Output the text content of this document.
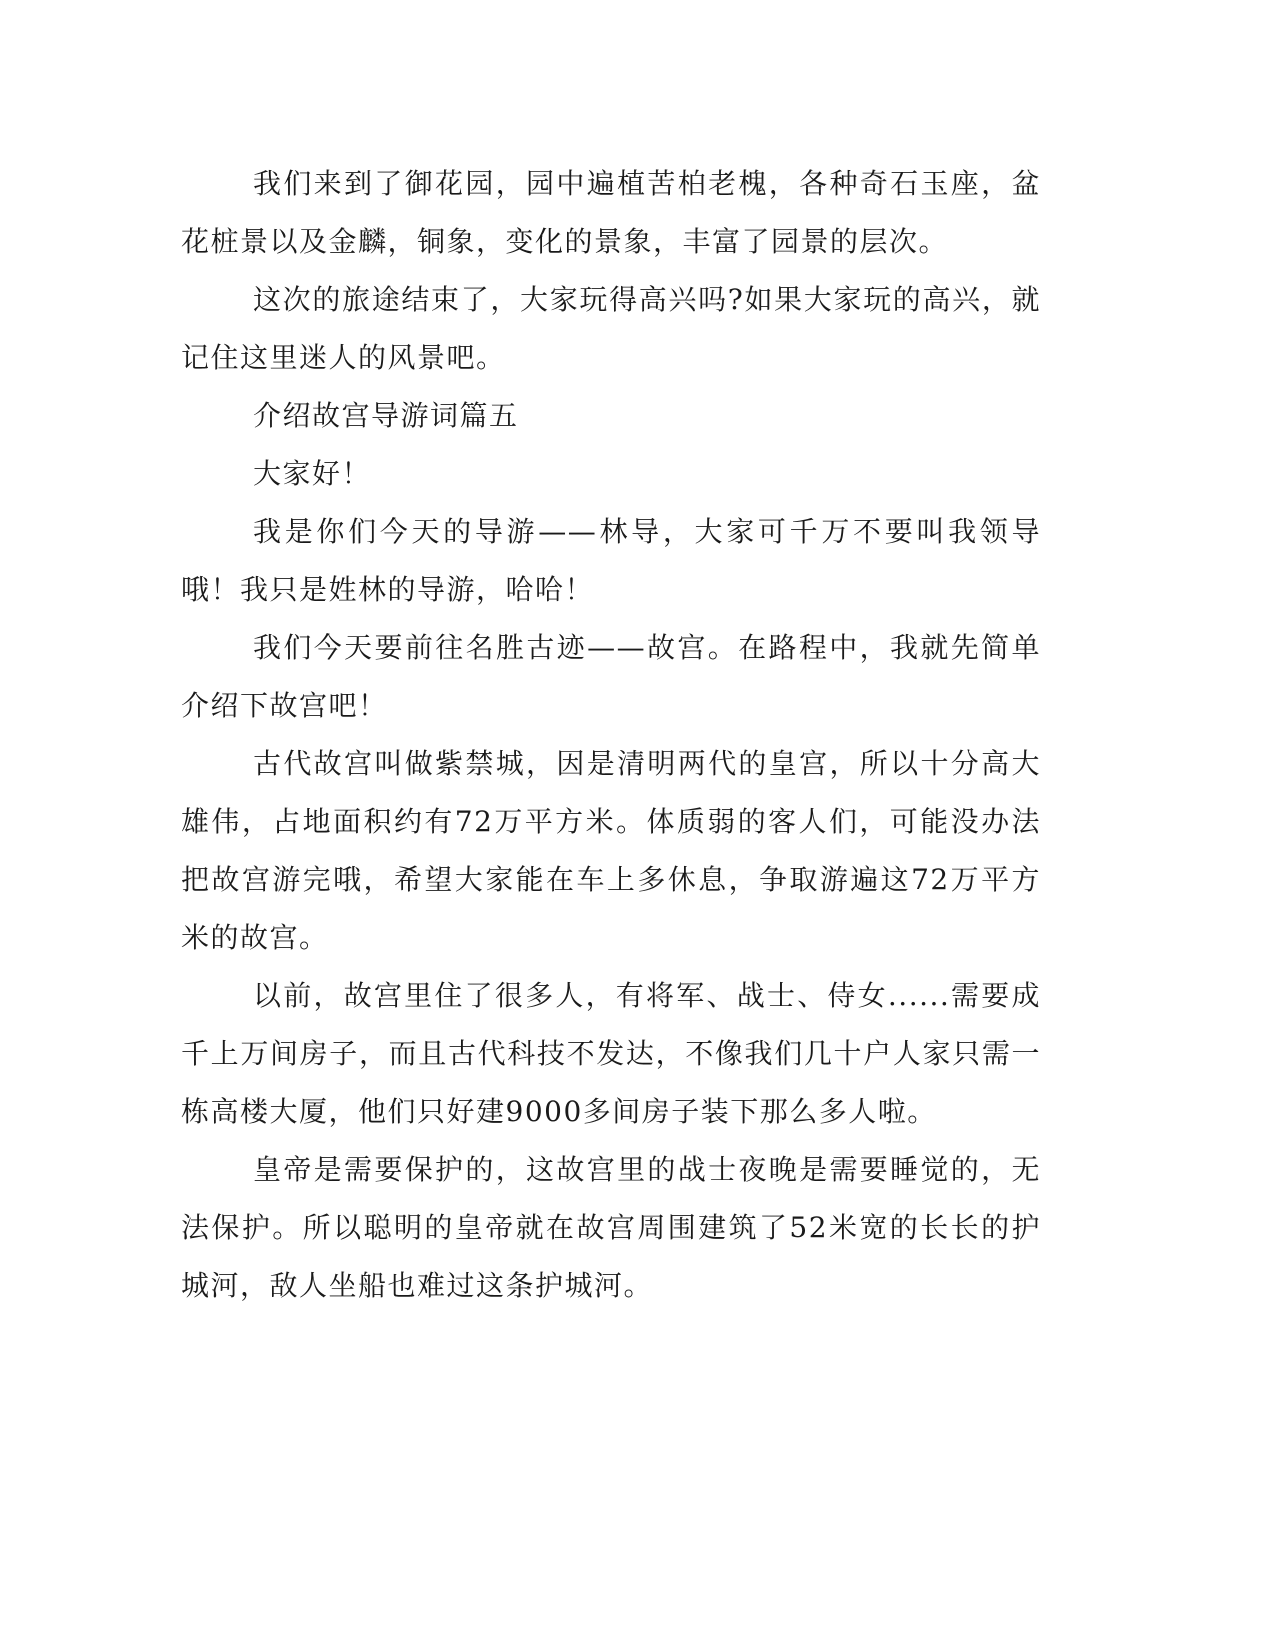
我们来到了御花园，园中遍植苦柏老槐，各种奇石玉座，盆花桩景以及金麟，铜象，变化的景象，丰富了园景的层次。

这次的旅途结束了，大家玩得高兴吗?如果大家玩的高兴，就记住这里迷人的风景吧。

介绍故宫导游词篇五

大家好！

我是你们今天的导游——林导，大家可千万不要叫我领导哦！我只是姓林的导游，哈哈！

我们今天要前往名胜古迹——故宫。在路程中，我就先简单介绍下故宫吧！

古代故宫叫做紫禁城，因是清明两代的皇宫，所以十分高大雄伟，占地面积约有72万平方米。体质弱的客人们，可能没办法把故宫游完哦，希望大家能在车上多休息，争取游遍这72万平方米的故宫。

以前，故宫里住了很多人，有将军、战士、侍女......需要成千上万间房子，而且古代科技不发达，不像我们几十户人家只需一栋高楼大厦，他们只好建9000多间房子装下那么多人啦。

皇帝是需要保护的，这故宫里的战士夜晚是需要睡觉的，无法保护。所以聪明的皇帝就在故宫周围建筑了52米宽的长长的护城河，敌人坐船也难过这条护城河。
